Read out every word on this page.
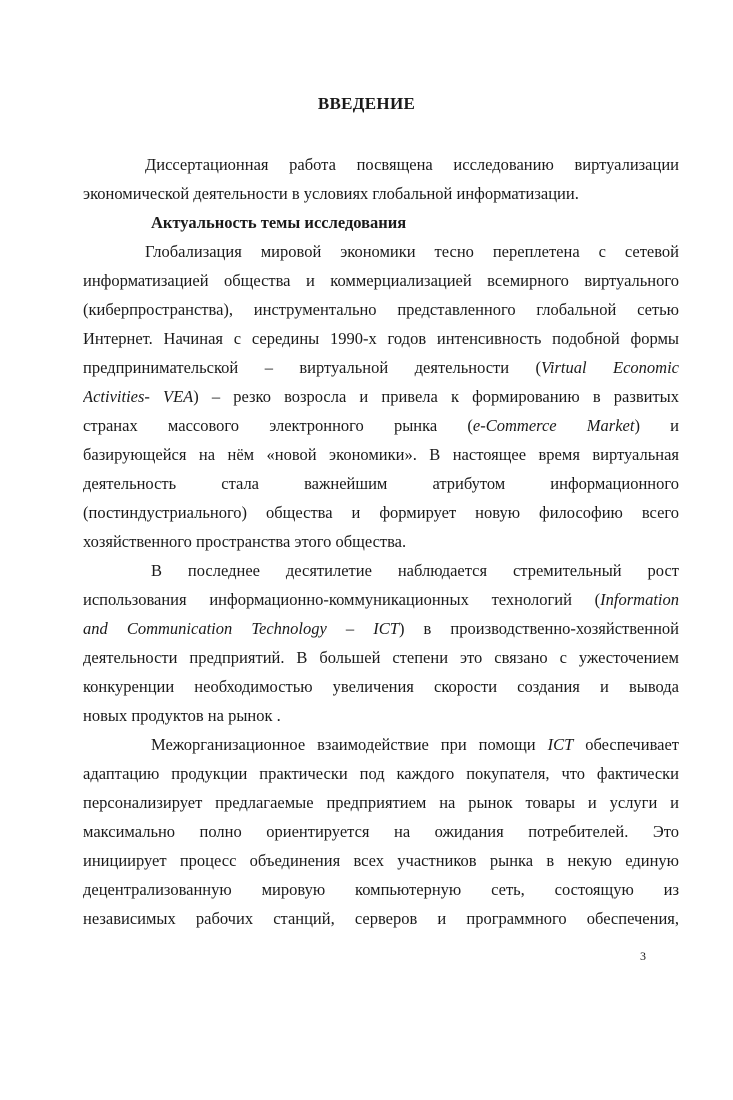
ВВЕДЕНИЕ
Диссертационная работа посвящена исследованию виртуализации
экономической деятельности в условиях глобальной информатизации.
Актуальность темы исследования
Глобализация мировой экономики тесно переплетена с сетевой
информатизацией общества и коммерциализацией всемирного виртуального
(киберпространства), инструментально представленного глобальной сетью
Интернет. Начиная с середины 1990-х годов интенсивность подобной формы
предпринимательской – виртуальной деятельности (Virtual Economic
Activities- VEA) – резко возросла и привела к формированию в развитых
странах массового электронного рынка (e-Commerce Market) и
базирующейся на нём «новой экономики». В настоящее время виртуальная
деятельность стала важнейшим атрибутом информационного
(постиндустриального) общества и формирует новую философию всего
хозяйственного пространства этого общества.
В последнее десятилетие наблюдается стремительный рост
использования информационно-коммуникационных технологий (Information
and Communication Technology – ICT) в производственно-хозяйственной
деятельности предприятий. В большей степени это связано с ужесточением
конкуренции необходимостью увеличения скорости создания и вывода
новых продуктов на рынок .
Межорганизационное взаимодействие при помощи ICT обеспечивает
адаптацию продукции практически под каждого покупателя, что фактически
персонализирует предлагаемые предприятием на рынок товары и услуги и
максимально полно ориентируется на ожидания потребителей. Это
инициирует процесс объединения всех участников рынка в некую единую
децентрализованную мировую компьютерную сеть, состоящую из
независимых рабочих станций, серверов и программного обеспечения,
3
